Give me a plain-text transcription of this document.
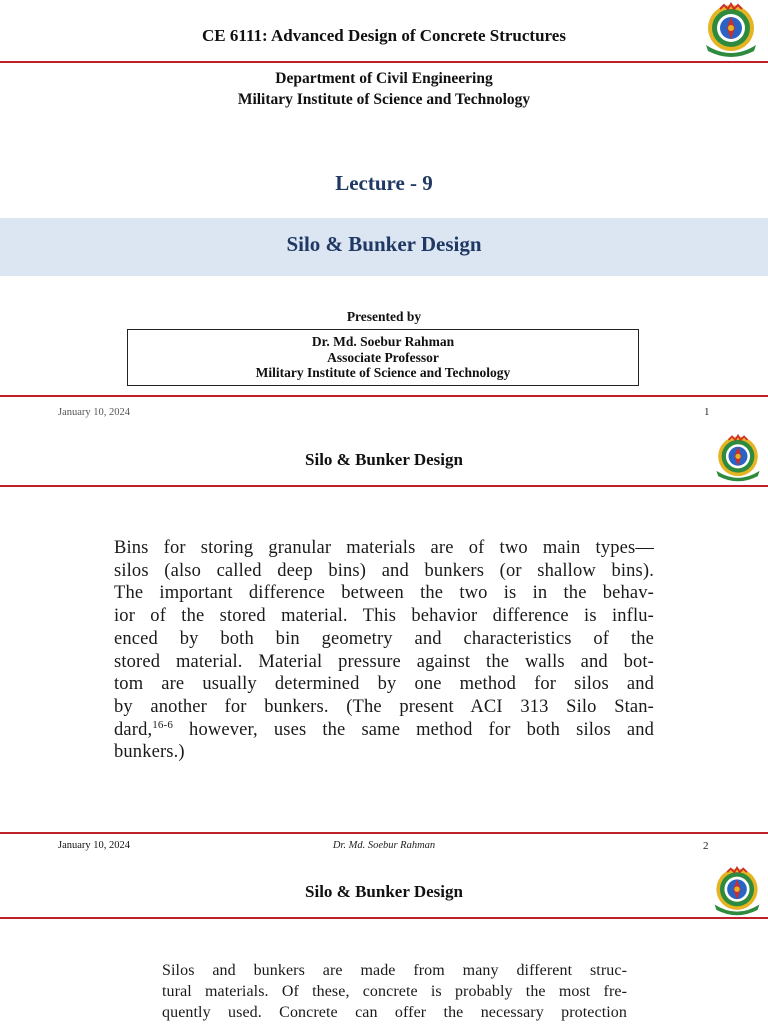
CE 6111: Advanced Design of Concrete Structures
Department of Civil Engineering
Military Institute of Science and Technology
Lecture - 9
Silo & Bunker Design
Presented by
Dr. Md. Soebur Rahman
Associate Professor
Military Institute of Science and Technology
January 10, 2024	1
Silo & Bunker Design
Bins for storing granular materials are of two main types—
silos (also called deep bins) and bunkers (or shallow bins).
The important difference between the two is in the behav-
ior of the stored material. This behavior difference is influ-
enced by both bin geometry and characteristics of the
stored material. Material pressure against the walls and bot-
tom are usually determined by one method for silos and
by another for bunkers. (The present ACI 313 Silo Stan-
dard,$^{16-6}$ however, uses the same method for both silos and
bunkers.)
January 10, 2024	Dr. Md. Soebur Rahman	2
Silo & Bunker Design
Silos and bunkers are made from many different struc-
tural materials. Of these, concrete is probably the most fre-
quently used. Concrete can offer the necessary protection
